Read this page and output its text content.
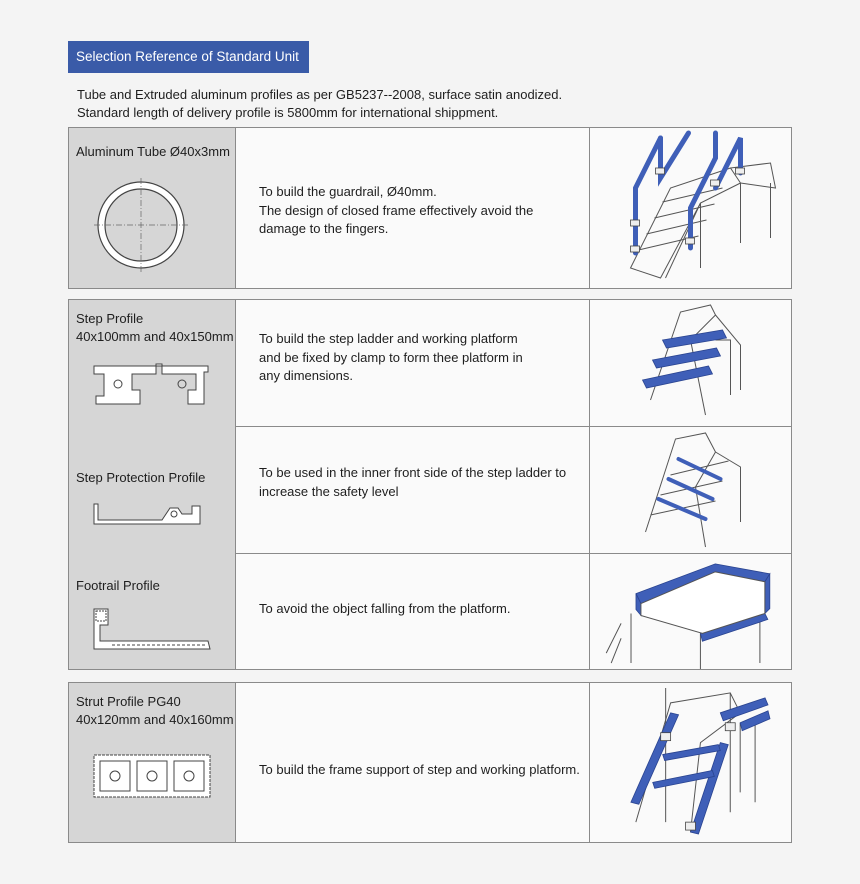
Selection Reference of Standard Unit
Tube and Extruded aluminum profiles as per GB5237--2008, surface satin anodized.
Standard length of delivery profile is 5800mm for international shippment.
Aluminum Tube Ø40x3mm
To build the guardrail, Ø40mm.
The design of closed frame effectively avoid the
damage to the fingers.
Step Profile
40x100mm and 40x150mm
Step Protection Profile
Footrail Profile
To build the step ladder and working platform
and be fixed by clamp to form thee platform in
any dimensions.
To be used in the inner front side of the step ladder to
increase the safety level
To avoid the object falling from the platform.
Strut Profile PG40
40x120mm and 40x160mm
To build the frame support of step and working platform.
